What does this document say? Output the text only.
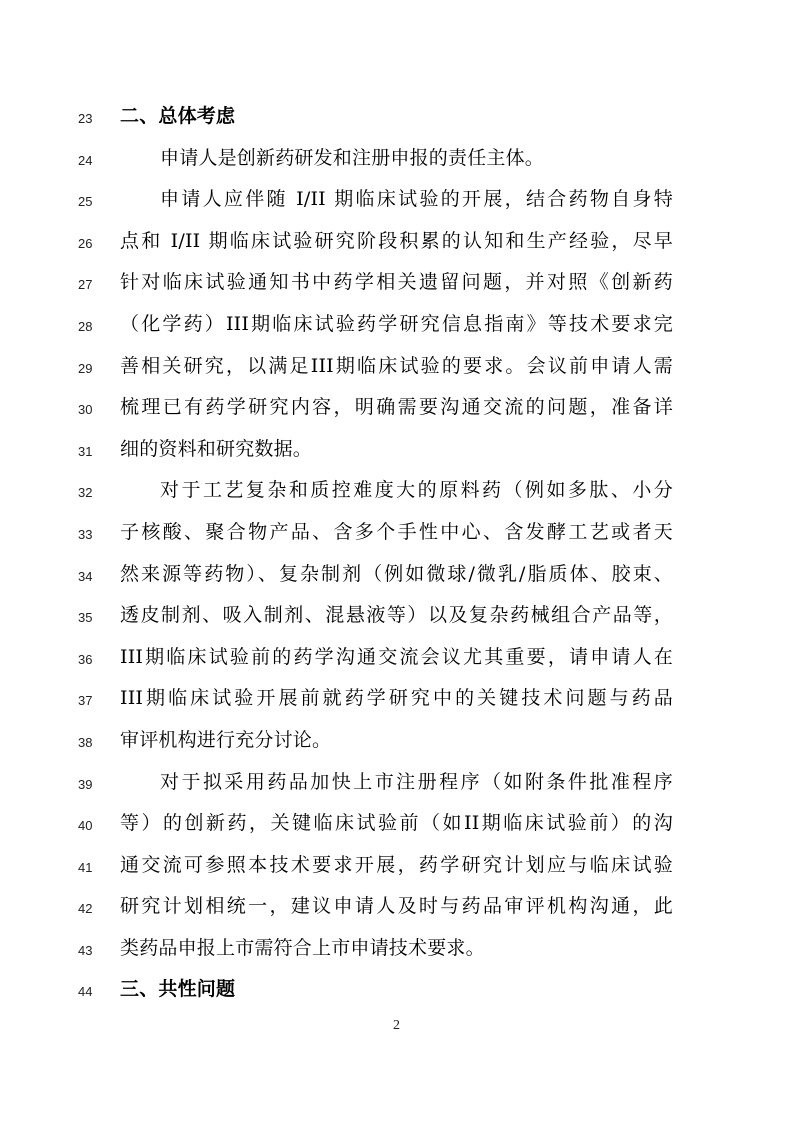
23 二、总体考虑
24	申请人是创新药研发和注册申报的责任主体。
25	申请人应伴随 I/II 期临床试验的开展，结合药物自身特
26 点和 I/II 期临床试验研究阶段积累的认知和生产经验，尽早
27 针对临床试验通知书中药学相关遗留问题，并对照《创新药
28 （化学药）III期临床试验药学研究信息指南》等技术要求完
29 善相关研究，以满足III期临床试验的要求。会议前申请人需
30 梳理已有药学研究内容，明确需要沟通交流的问题，准备详
31 细的资料和研究数据。
32	对于工艺复杂和质控难度大的原料药（例如多肽、小分
33 子核酸、聚合物产品、含多个手性中心、含发酵工艺或者天
34 然来源等药物）、复杂制剂（例如微球/微乳/脂质体、胶束、
35 透皮制剂、吸入制剂、混悬液等）以及复杂药械组合产品等，
36 III期临床试验前的药学沟通交流会议尤其重要，请申请人在
37 III期临床试验开展前就药学研究中的关键技术问题与药品
38 审评机构进行充分讨论。
39	对于拟采用药品加快上市注册程序（如附条件批准程序
40 等）的创新药，关键临床试验前（如II期临床试验前）的沟
41 通交流可参照本技术要求开展，药学研究计划应与临床试验
42 研究计划相统一，建议申请人及时与药品审评机构沟通，此
43 类药品申报上市需符合上市申请技术要求。
44 三、共性问题
2
